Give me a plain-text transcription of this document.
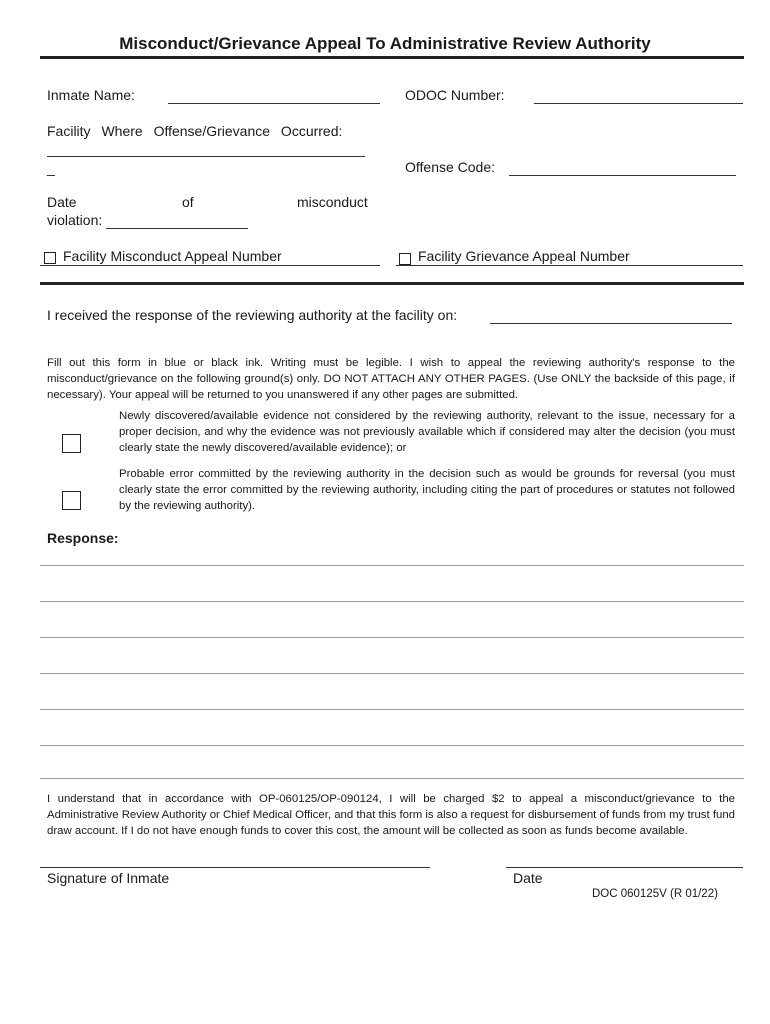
Misconduct/Grievance Appeal To Administrative Review Authority
Inmate Name:	ODOC Number:
Facility Where Offense/Grievance Occurred:
_	Offense Code:
Date	of	misconduct
violation:
Facility Misconduct Appeal Number	Facility Grievance Appeal Number
I received the response of the reviewing authority at the facility on:
Fill out this form in blue or black ink. Writing must be legible. I wish to appeal the reviewing authority's response to the misconduct/grievance on the following ground(s) only. DO NOT ATTACH ANY OTHER PAGES. (Use ONLY the backside of this page, if necessary). Your appeal will be returned to you unanswered if any other pages are submitted.
Newly discovered/available evidence not considered by the reviewing authority, relevant to the issue, necessary for a proper decision, and why the evidence was not previously available which if considered may alter the decision (you must clearly state the newly discovered/available evidence); or
Probable error committed by the reviewing authority in the decision such as would be grounds for reversal (you must clearly state the error committed by the reviewing authority, including citing the part of procedures or statutes not followed by the reviewing authority).
Response:
I understand that in accordance with OP-060125/OP-090124, I will be charged $2 to appeal a misconduct/grievance to the Administrative Review Authority or Chief Medical Officer, and that this form is also a request for disbursement of funds from my trust fund draw account. If I do not have enough funds to cover this cost, the amount will be collected as soon as funds become available.
Signature of Inmate	Date
DOC 060125V (R 01/22)
